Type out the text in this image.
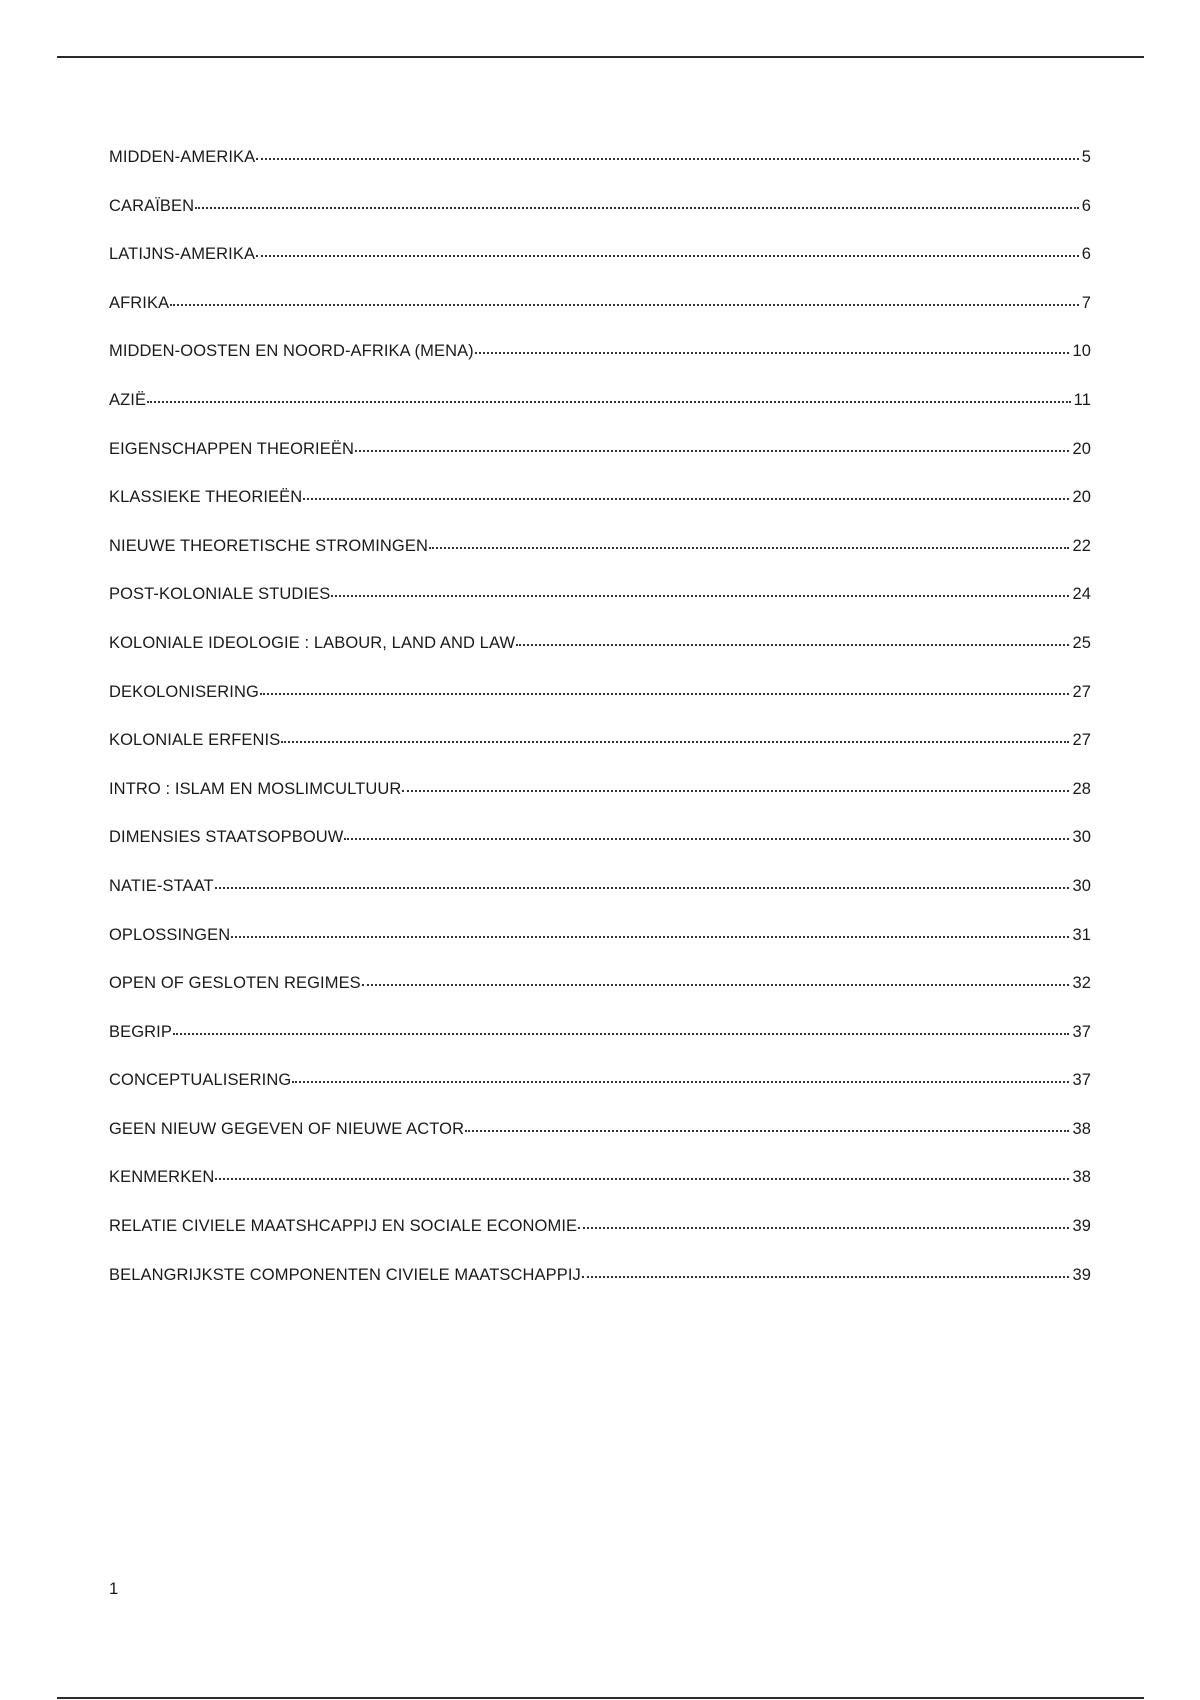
MIDDEN-AMERIKA	5
CARAÏBEN	6
LATIJNS-AMERIKA	6
AFRIKA	7
MIDDEN-OOSTEN EN NOORD-AFRIKA (MENA)	10
AZIË	11
EIGENSCHAPPEN THEORIEËN	20
KLASSIEKE THEORIEËN	20
NIEUWE THEORETISCHE STROMINGEN	22
POST-KOLONIALE STUDIES	24
KOLONIALE IDEOLOGIE : LABOUR, LAND AND LAW	25
DEKOLONISERING	27
KOLONIALE ERFENIS	27
INTRO : ISLAM EN MOSLIMCULTUUR	28
DIMENSIES STAATSOPBOUW	30
NATIE-STAAT	30
OPLOSSINGEN	31
OPEN OF GESLOTEN REGIMES	32
BEGRIP	37
CONCEPTUALISERING	37
GEEN NIEUW GEGEVEN OF NIEUWE ACTOR	38
KENMERKEN	38
RELATIE CIVIELE MAATSHCAPPIJ EN SOCIALE ECONOMIE	39
BELANGRIJKSTE COMPONENTEN CIVIELE MAATSCHAPPIJ	39
1
